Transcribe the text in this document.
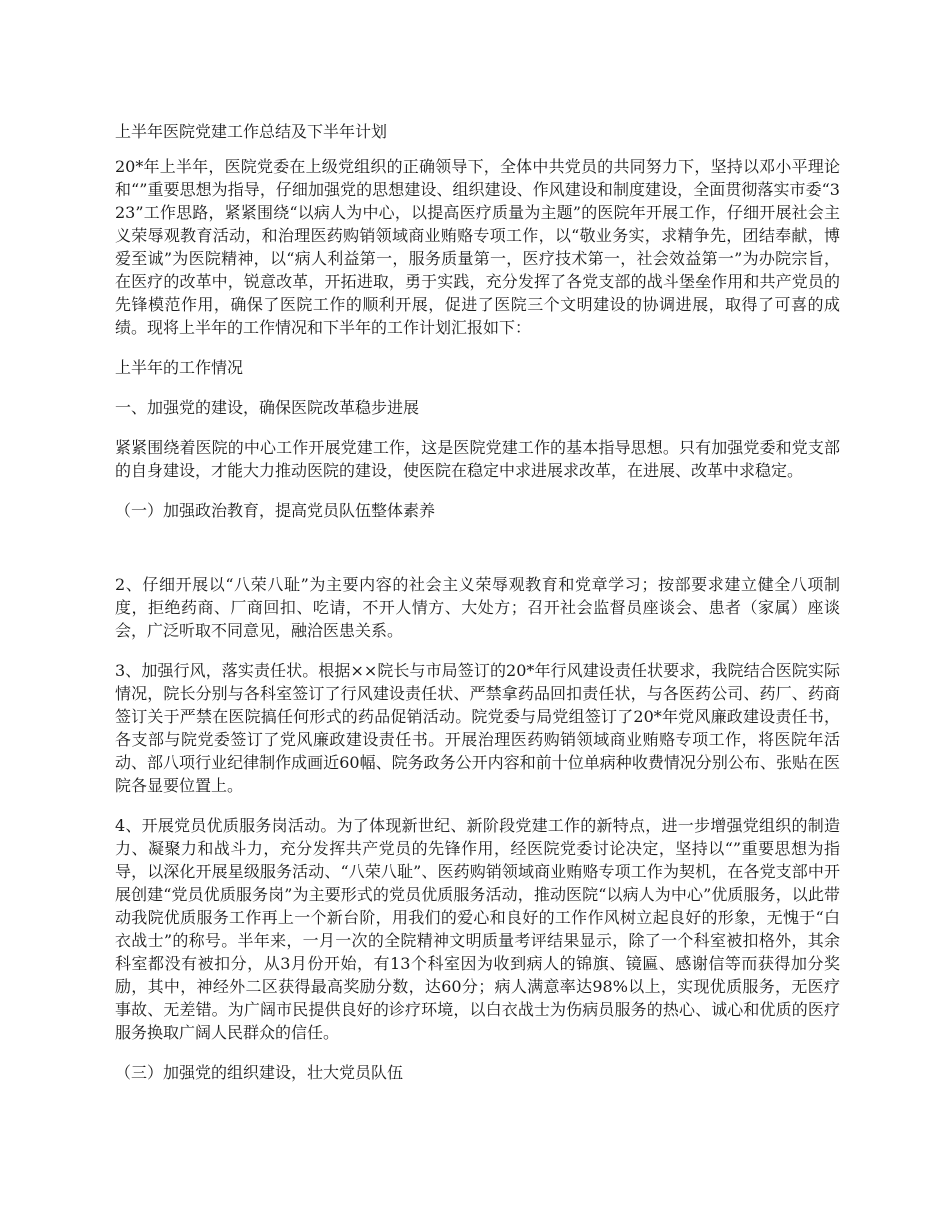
上半年医院党建工作总结及下半年计划

20*年上半年，医院党委在上级党组织的正确领导下，全体中共党员的共同努力下，坚持以邓小平理论和“”重要思想为指导，仔细加强党的思想建设、组织建设、作风建设和制度建设，全面贯彻落实市委“323”工作思路，紧紧围绕“以病人为中心，以提高医疗质量为主题”的医院年开展工作，仔细开展社会主义荣辱观教育活动，和治理医药购销领域商业贿赂专项工作，以“敬业务实，求精争先，团结奉献，博爱至诚”为医院精神，以“病人利益第一，服务质量第一，医疗技术第一，社会效益第一”为办院宗旨，在医疗的改革中，锐意改革，开拓进取，勇于实践，充分发挥了各党支部的战斗堡垒作用和共产党员的先锋模范作用，确保了医院工作的顺利开展，促进了医院三个文明建设的协调进展，取得了可喜的成绩。现将上半年的工作情况和下半年的工作计划汇报如下：

上半年的工作情况

一、加强党的建设，确保医院改革稳步进展

紧紧围绕着医院的中心工作开展党建工作，这是医院党建工作的基本指导思想。只有加强党委和党支部的自身建设，才能大力推动医院的建设，使医院在稳定中求进展求改革，在进展、改革中求稳定。

（一）加强政治教育，提高党员队伍整体素养

2、仔细开展以“八荣八耻”为主要内容的社会主义荣辱观教育和党章学习；按部要求建立健全八项制度，拒绝药商、厂商回扣、吃请，不开人情方、大处方；召开社会监督员座谈会、患者（家属）座谈会，广泛听取不同意见，融洽医患关系。

3、加强行风，落实责任状。根据××院长与市局签订的20*年行风建设责任状要求，我院结合医院实际情况，院长分别与各科室签订了行风建设责任状、严禁拿药品回扣责任状，与各医药公司、药厂、药商签订关于严禁在医院搞任何形式的药品促销活动。院党委与局党组签订了20*年党风廉政建设责任书，各支部与院党委签订了党风廉政建设责任书。开展治理医药购销领域商业贿赂专项工作，将医院年活动、部八项行业纪律制作成画近60幅、院务政务公开内容和前十位单病种收费情况分别公布、张贴在医院各显要位置上。

4、开展党员优质服务岗活动。为了体现新世纪、新阶段党建工作的新特点，进一步增强党组织的制造力、凝聚力和战斗力，充分发挥共产党员的先锋作用，经医院党委讨论决定，坚持以“”重要思想为指导，以深化开展星级服务活动、“八荣八耻”、医药购销领域商业贿赂专项工作为契机，在各党支部中开展创建“党员优质服务岗”为主要形式的党员优质服务活动，推动医院“以病人为中心”优质服务，以此带动我院优质服务工作再上一个新台阶，用我们的爱心和良好的工作作风树立起良好的形象，无愧于“白衣战士”的称号。半年来，一月一次的全院精神文明质量考评结果显示，除了一个科室被扣格外，其余科室都没有被扣分，从3月份开始，有13个科室因为收到病人的锦旗、镜匾、感谢信等而获得加分奖励，其中，神经外二区获得最高奖励分数，达60分；病人满意率达98%以上，实现优质服务，无医疗事故、无差错。为广阔市民提供良好的诊疗环境，以白衣战士为伤病员服务的热心、诚心和优质的医疗服务换取广阔人民群众的信任。

（三）加强党的组织建设，壮大党员队伍
